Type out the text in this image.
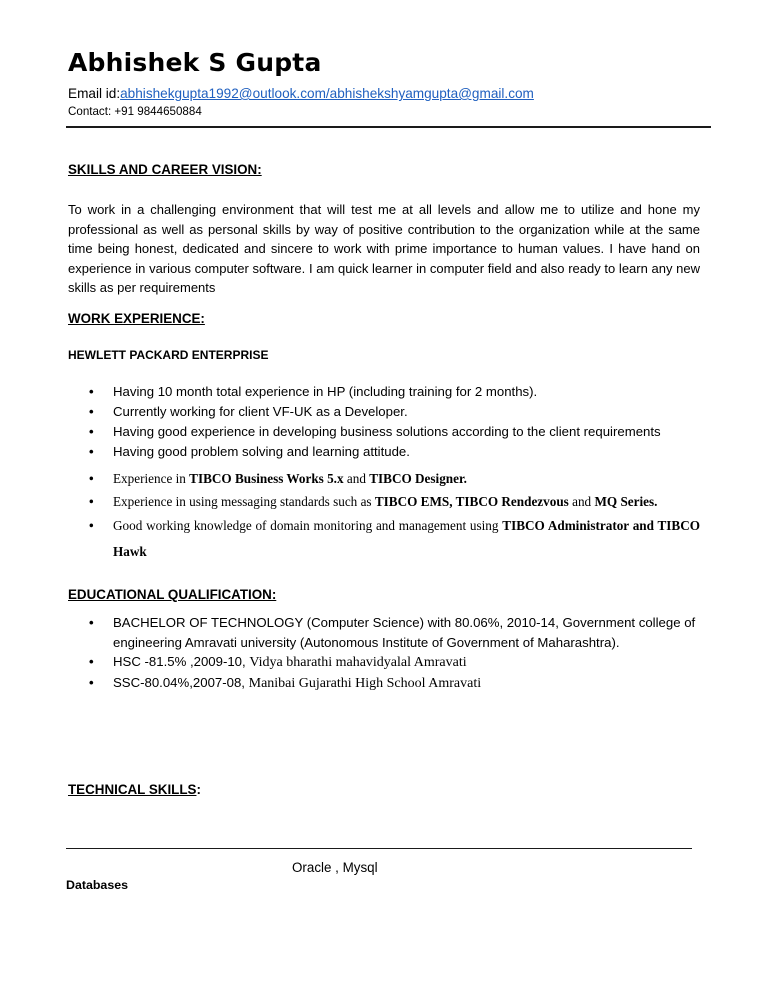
Abhishek S Gupta
Email id:abhishekgupta1992@outlook.com/abhishekshyamgupta@gmail.com
Contact: +91 9844650884
SKILLS AND CAREER VISION:
To work in a challenging environment that will test me at all levels and allow me to utilize and hone my professional as well as personal skills by way of positive contribution to the organization while at the same time being honest, dedicated and sincere to work with prime importance to human values. I have hand on experience in various computer software. I am quick learner in computer field and also ready to learn any new skills as per requirements
WORK EXPERIENCE:
HEWLETT PACKARD ENTERPRISE
• Having 10 month total experience in HP (including training for 2 months).
• Currently working for client VF-UK as a Developer.
• Having good experience in developing business solutions according to the client requirements
• Having good problem solving and learning attitude.
• Experience in TIBCO Business Works 5.x and TIBCO Designer.
• Experience in using messaging standards such as TIBCO EMS, TIBCO Rendezvous and MQ Series.
• Good working knowledge of domain monitoring and management using TIBCO Administrator and TIBCO Hawk
EDUCATIONAL QUALIFICATION:
• BACHELOR OF TECHNOLOGY (Computer Science) with 80.06%, 2010-14, Government college of engineering Amravati university (Autonomous Institute of Government of Maharashtra).
• HSC -81.5% ,2009-10, Vidya bharathi mahavidyalal Amravati
• SSC-80.04%,2007-08, Manibai Gujarathi High School Amravati
TECHNICAL SKILLS:
Oracle , Mysql
Databases
